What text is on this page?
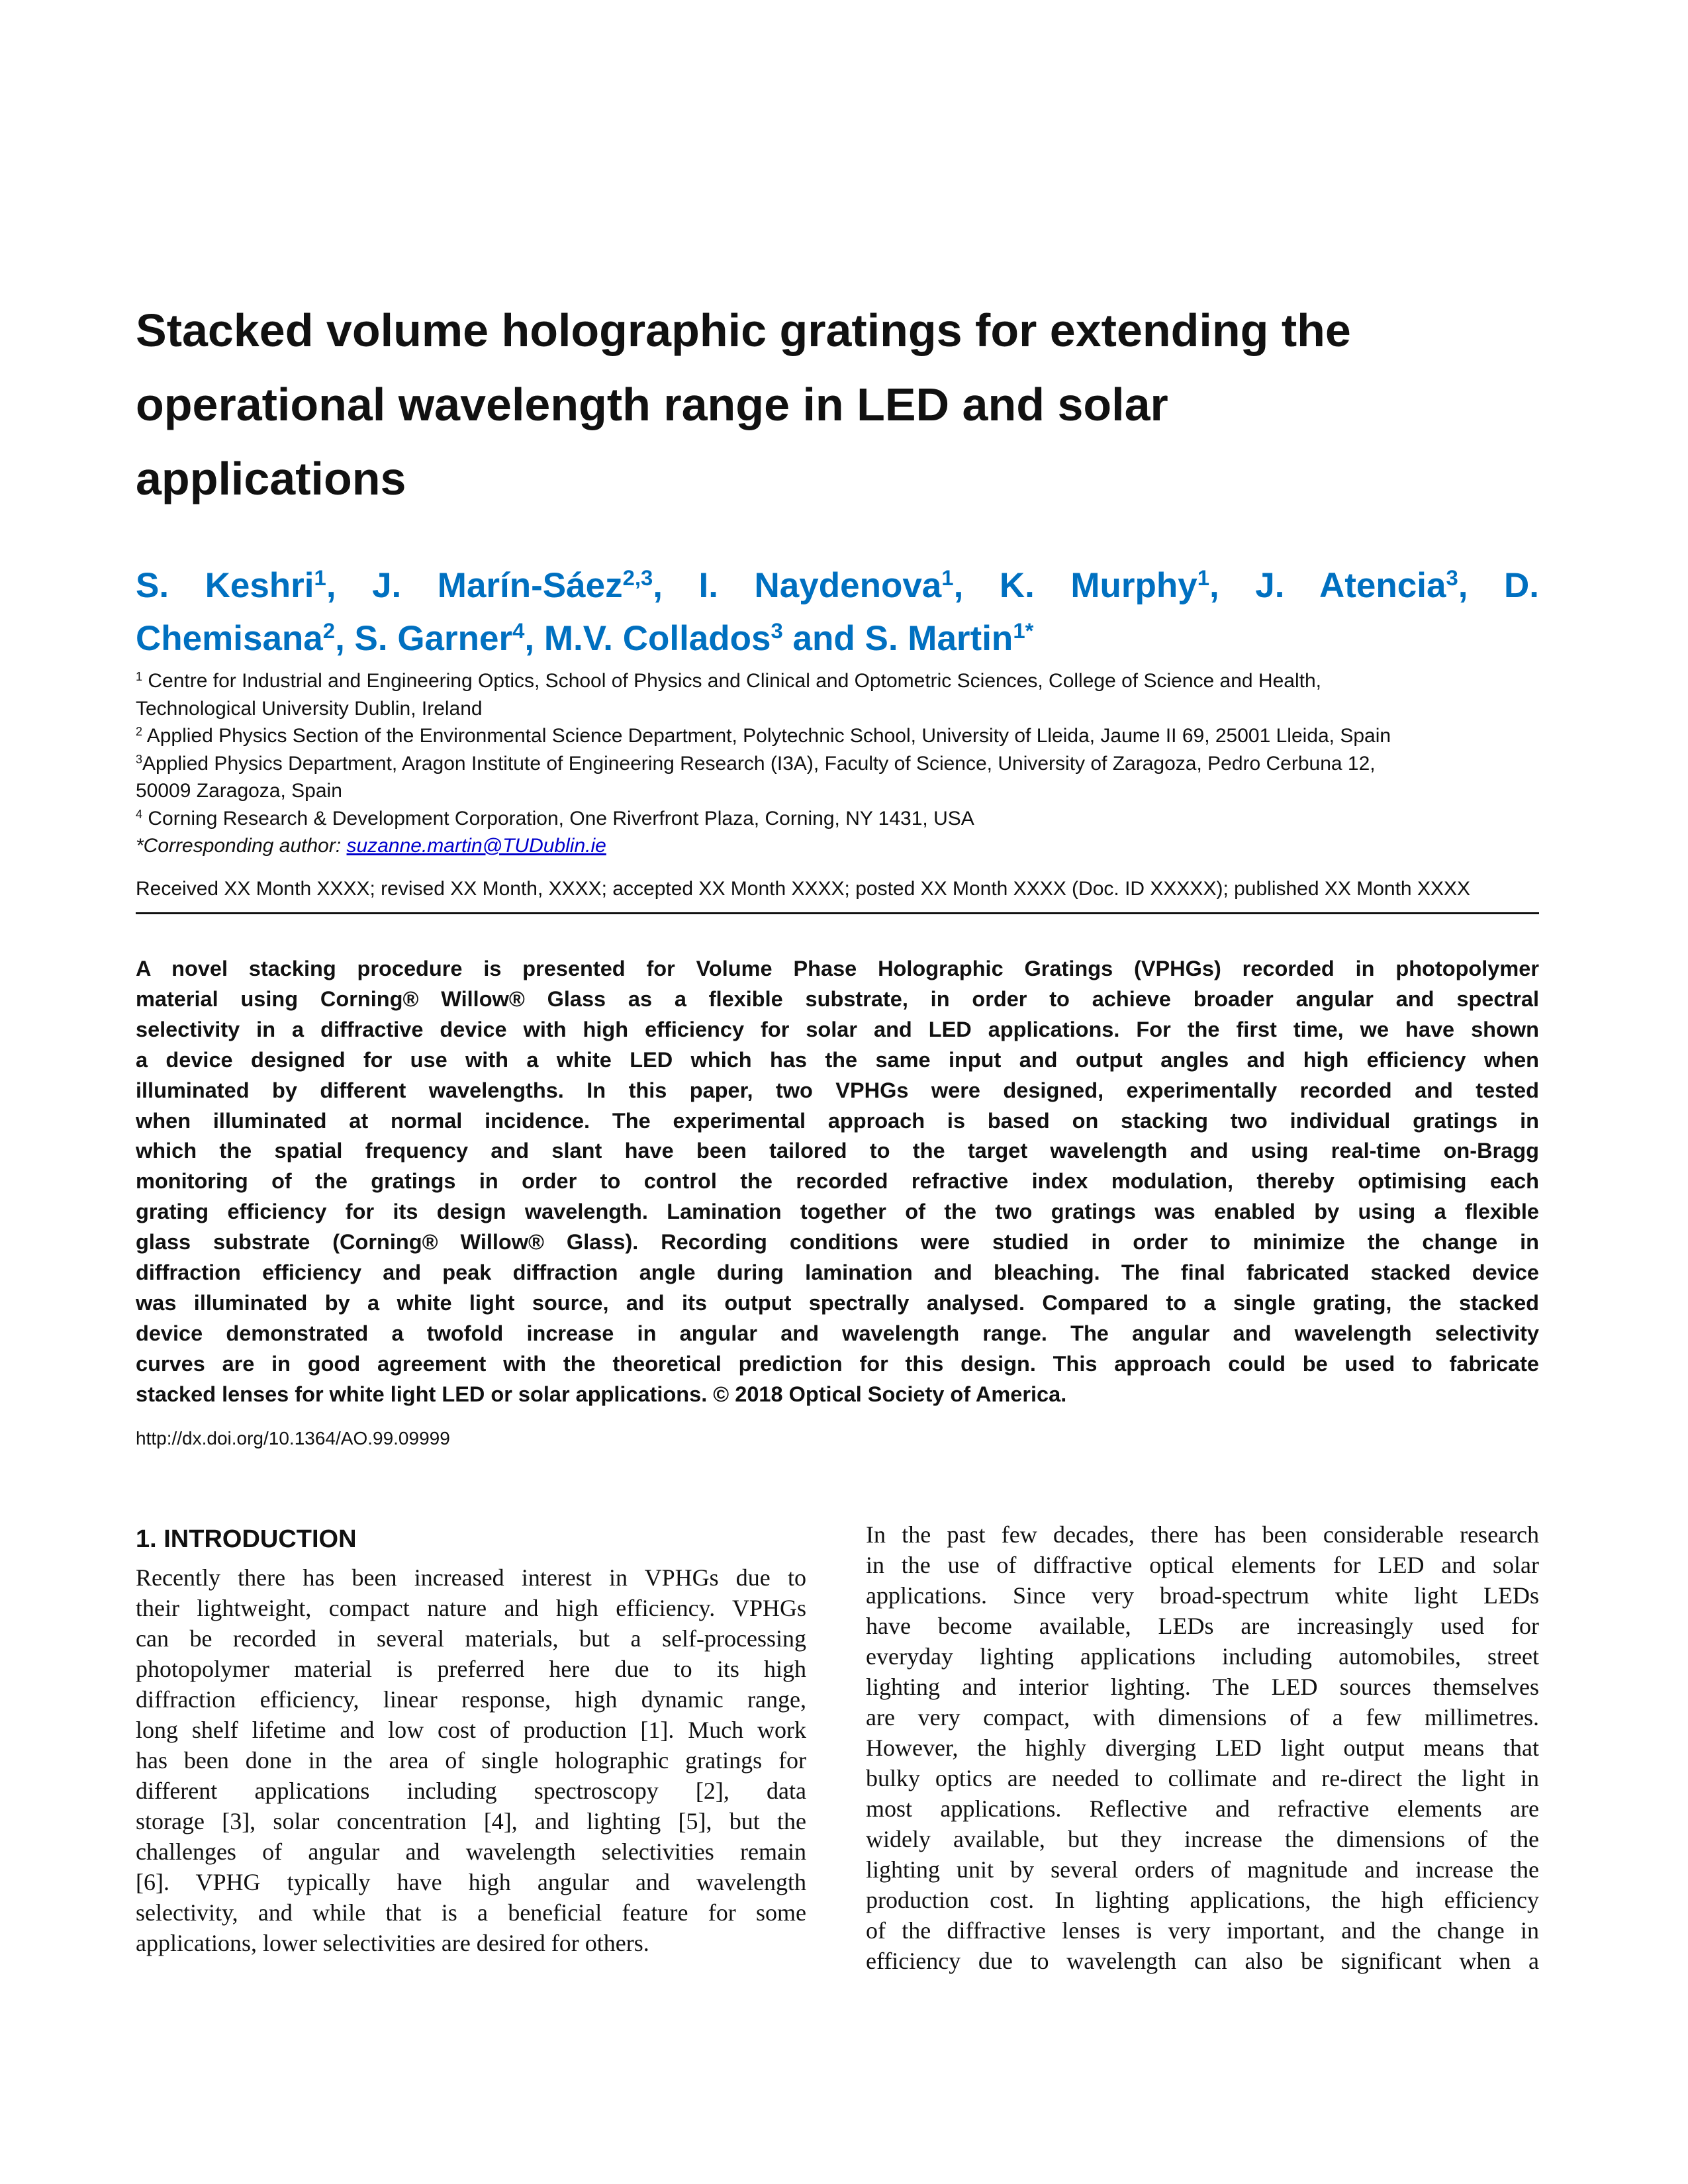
Stacked volume holographic gratings for extending the
operational wavelength range in LED and solar
applications
S. Keshri$^1$, J. Marín-Sáez$^{2,3}$, I. Naydenova$^1$, K. Murphy$^1$, J. Atencia$^3$, D.
Chemisana$^2$, S. Garner$^4$, M.V. Collados$^3$ and S. Martin$^{1*}$
$^1$ Centre for Industrial and Engineering Optics, School of Physics and Clinical and Optometric Sciences, College of Science and Health,
Technological University Dublin, Ireland
$^2$ Applied Physics Section of the Environmental Science Department, Polytechnic School, University of Lleida, Jaume II 69, 25001 Lleida, Spain
$^3$Applied Physics Department, Aragon Institute of Engineering Research (I3A), Faculty of Science, University of Zaragoza, Pedro Cerbuna 12,
50009 Zaragoza, Spain
$^4$ Corning Research & Development Corporation, One Riverfront Plaza, Corning, NY 1431, USA
*Corresponding author: suzanne.martin@TUDublin.ie
Received XX Month XXXX; revised XX Month, XXXX; accepted XX Month XXXX; posted XX Month XXXX (Doc. ID XXXXX); published XX Month XXXX
A novel stacking procedure is presented for Volume Phase Holographic Gratings (VPHGs) recorded in photopolymer
material using Corning® Willow® Glass as a flexible substrate, in order to achieve broader angular and spectral
selectivity in a diffractive device with high efficiency for solar and LED applications. For the first time, we have shown
a device designed for use with a white LED which has the same input and output angles and high efficiency when
illuminated by different wavelengths. In this paper, two VPHGs were designed, experimentally recorded and tested
when illuminated at normal incidence. The experimental approach is based on stacking two individual gratings in
which the spatial frequency and slant have been tailored to the target wavelength and using real-time on-Bragg
monitoring of the gratings in order to control the recorded refractive index modulation, thereby optimising each
grating efficiency for its design wavelength. Lamination together of the two gratings was enabled by using a flexible
glass substrate (Corning® Willow® Glass). Recording conditions were studied in order to minimize the change in
diffraction efficiency and peak diffraction angle during lamination and bleaching. The final fabricated stacked device
was illuminated by a white light source, and its output spectrally analysed. Compared to a single grating, the stacked
device demonstrated a twofold increase in angular and wavelength range. The angular and wavelength selectivity
curves are in good agreement with the theoretical prediction for this design. This approach could be used to fabricate
stacked lenses for white light LED or solar applications. © 2018 Optical Society of America.
http://dx.doi.org/10.1364/AO.99.09999
1. INTRODUCTION
Recently there has been increased interest in VPHGs due to
their lightweight, compact nature and high efficiency. VPHGs
can be recorded in several materials, but a self-processing
photopolymer material is preferred here due to its high
diffraction efficiency, linear response, high dynamic range,
long shelf lifetime and low cost of production [1]. Much work
has been done in the area of single holographic gratings for
different applications including spectroscopy [2], data
storage [3], solar concentration [4], and lighting [5], but the
challenges of angular and wavelength selectivities remain
[6]. VPHG typically have high angular and wavelength
selectivity, and while that is a beneficial feature for some
applications, lower selectivities are desired for others.
In the past few decades, there has been considerable research
in the use of diffractive optical elements for LED and solar
applications. Since very broad-spectrum white light LEDs
have become available, LEDs are increasingly used for
everyday lighting applications including automobiles, street
lighting and interior lighting. The LED sources themselves
are very compact, with dimensions of a few millimetres.
However, the highly diverging LED light output means that
bulky optics are needed to collimate and re-direct the light in
most applications. Reflective and refractive elements are
widely available, but they increase the dimensions of the
lighting unit by several orders of magnitude and increase the
production cost. In lighting applications, the high efficiency
of the diffractive lenses is very important, and the change in
efficiency due to wavelength can also be significant when a
